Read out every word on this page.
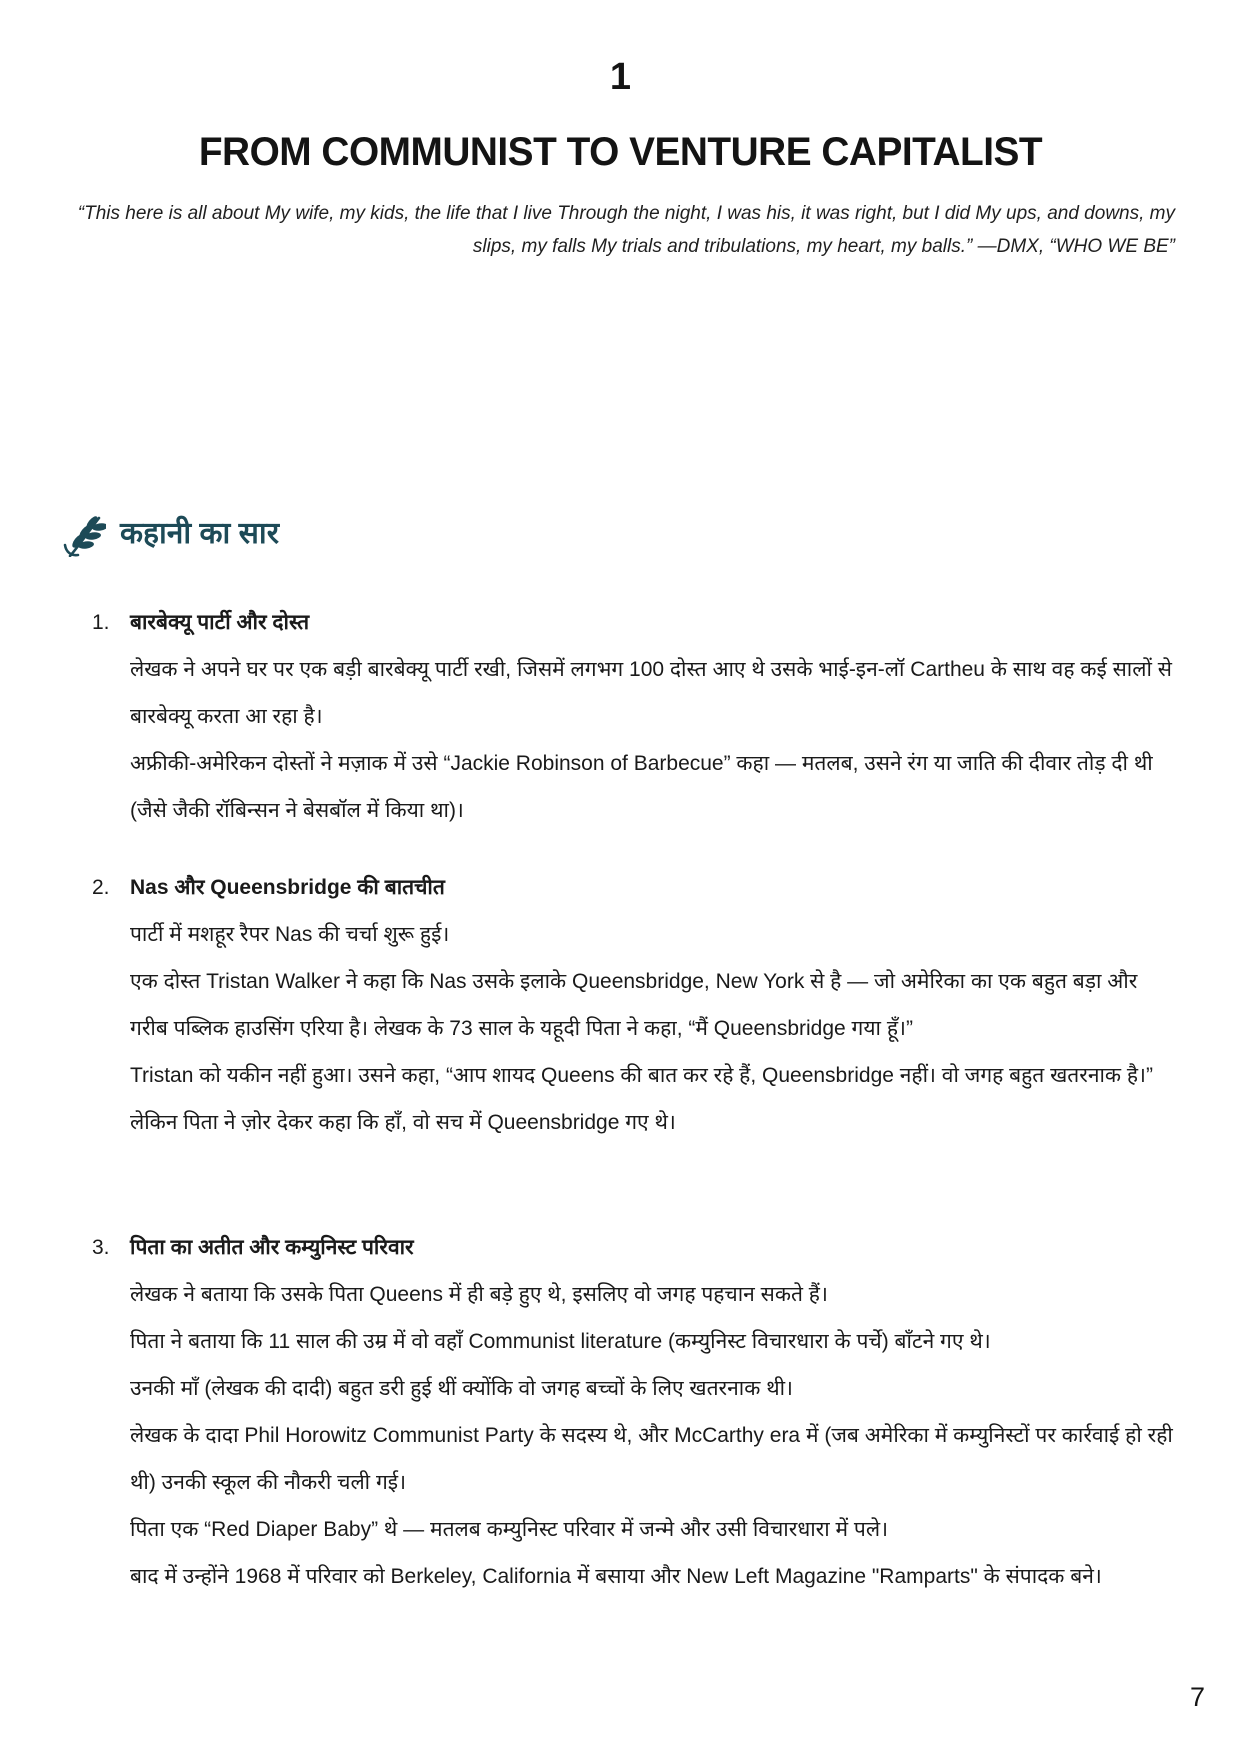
1
FROM COMMUNIST TO VENTURE CAPITALIST
“This here is all about My wife, my kids, the life that I live Through the night, I was his, it was right, but I did My ups, and downs, my slips, my falls My trials and tribulations, my heart, my balls.” —DMX, “WHO WE BE”
कहानी का सार
1. बारबेक्यू पार्टी और दोस्त

लेखक ने अपने घर पर एक बड़ी बारबेक्यू पार्टी रखी, जिसमें लगभग 100 दोस्त आए थे उसके भाई-इन-लॉ Cartheu के साथ वह कई सालों से बारबेक्यू करता आ रहा है।

अफ्रीकी-अमेरिकन दोस्तों ने मज़ाक में उसे “Jackie Robinson of Barbecue” कहा — मतलब, उसने रंग या जाति की दीवार तोड़ दी थी (जैसे जैकी रॉबिन्सन ने बेसबॉल में किया था)।

2. Nas और Queensbridge की बातचीत

पार्टी में मशहूर रैपर Nas की चर्चा शुरू हुई।

एक दोस्त Tristan Walker ने कहा कि Nas उसके इलाके Queensbridge, New York से है — जो अमेरिका का एक बहुत बड़ा और गरीब पब्लिक हाउसिंग एरिया है। लेखक के 73 साल के यहूदी पिता ने कहा, “मैं Queensbridge गया हूँ।”

Tristan को यकीन नहीं हुआ। उसने कहा, “आप शायद Queens की बात कर रहे हैं, Queensbridge नहीं। वो जगह बहुत खतरनाक है।”

लेकिन पिता ने ज़ोर देकर कहा कि हाँ, वो सच में Queensbridge गए थे।

3. पिता का अतीत और कम्युनिस्ट परिवार

लेखक ने बताया कि उसके पिता Queens में ही बड़े हुए थे, इसलिए वो जगह पहचान सकते हैं।

पिता ने बताया कि 11 साल की उम्र में वो वहाँ Communist literature (कम्युनिस्ट विचारधारा के पर्चे) बाँटने गए थे।

उनकी माँ (लेखक की दादी) बहुत डरी हुई थीं क्योंकि वो जगह बच्चों के लिए खतरनाक थी।

लेखक के दादा Phil Horowitz Communist Party के सदस्य थे, और McCarthy era में (जब अमेरिका में कम्युनिस्टों पर कार्रवाई हो रही थी) उनकी स्कूल की नौकरी चली गई।

पिता एक “Red Diaper Baby” थे — मतलब कम्युनिस्ट परिवार में जन्मे और उसी विचारधारा में पले।

बाद में उन्होंने 1968 में परिवार को Berkeley, California में बसाया और New Left Magazine "Ramparts" के संपादक बने।

7
